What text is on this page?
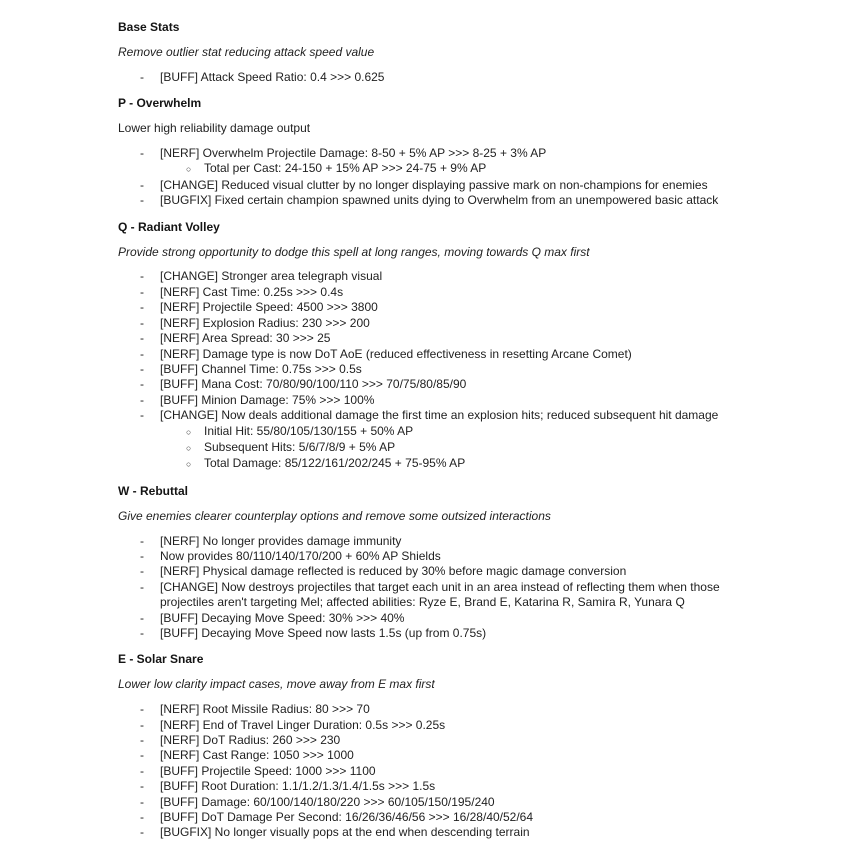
Base Stats
Remove outlier stat reducing attack speed value
-	[BUFF] Attack Speed Ratio: 0.4 >>> 0.625
P - Overwhelm
Lower high reliability damage output
-	[NERF] Overwhelm Projectile Damage: 8-50 + 5% AP >>> 8-25 + 3% AP
○	Total per Cast: 24-150 + 15% AP >>> 24-75 + 9% AP
-	[CHANGE] Reduced visual clutter by no longer displaying passive mark on non-champions for enemies
-	[BUGFIX] Fixed certain champion spawned units dying to Overwhelm from an unempowered basic attack
Q - Radiant Volley
Provide strong opportunity to dodge this spell at long ranges, moving towards Q max first
-	[CHANGE] Stronger area telegraph visual
-	[NERF] Cast Time: 0.25s >>> 0.4s
-	[NERF] Projectile Speed: 4500 >>> 3800
-	[NERF] Explosion Radius: 230 >>> 200
-	[NERF] Area Spread: 30 >>> 25
-	[NERF] Damage type is now DoT AoE (reduced effectiveness in resetting Arcane Comet)
-	[BUFF] Channel Time: 0.75s >>> 0.5s
-	[BUFF] Mana Cost: 70/80/90/100/110 >>> 70/75/80/85/90
-	[BUFF] Minion Damage: 75% >>> 100%
-	[CHANGE] Now deals additional damage the first time an explosion hits; reduced subsequent hit damage
○	Initial Hit: 55/80/105/130/155 + 50% AP
○	Subsequent Hits: 5/6/7/8/9 + 5% AP
○	Total Damage: 85/122/161/202/245 + 75-95% AP
W - Rebuttal
Give enemies clearer counterplay options and remove some outsized interactions
-	[NERF] No longer provides damage immunity
-	Now provides 80/110/140/170/200 + 60% AP Shields
-	[NERF] Physical damage reflected is reduced by 30% before magic damage conversion
-	[CHANGE] Now destroys projectiles that target each unit in an area instead of reflecting them when those projectiles aren't targeting Mel; affected abilities: Ryze E, Brand E, Katarina R, Samira R, Yunara Q
-	[BUFF] Decaying Move Speed: 30% >>> 40%
-	[BUFF] Decaying Move Speed now lasts 1.5s (up from 0.75s)
E - Solar Snare
Lower low clarity impact cases, move away from E max first
-	[NERF] Root Missile Radius: 80 >>> 70
-	[NERF] End of Travel Linger Duration: 0.5s >>> 0.25s
-	[NERF] DoT Radius: 260 >>> 230
-	[NERF] Cast Range: 1050 >>> 1000
-	[BUFF] Projectile Speed: 1000 >>> 1100
-	[BUFF] Root Duration: 1.1/1.2/1.3/1.4/1.5s >>> 1.5s
-	[BUFF] Damage: 60/100/140/180/220 >>> 60/105/150/195/240
-	[BUFF] DoT Damage Per Second: 16/26/36/46/56 >>> 16/28/40/52/64
-	[BUGFIX] No longer visually pops at the end when descending terrain
